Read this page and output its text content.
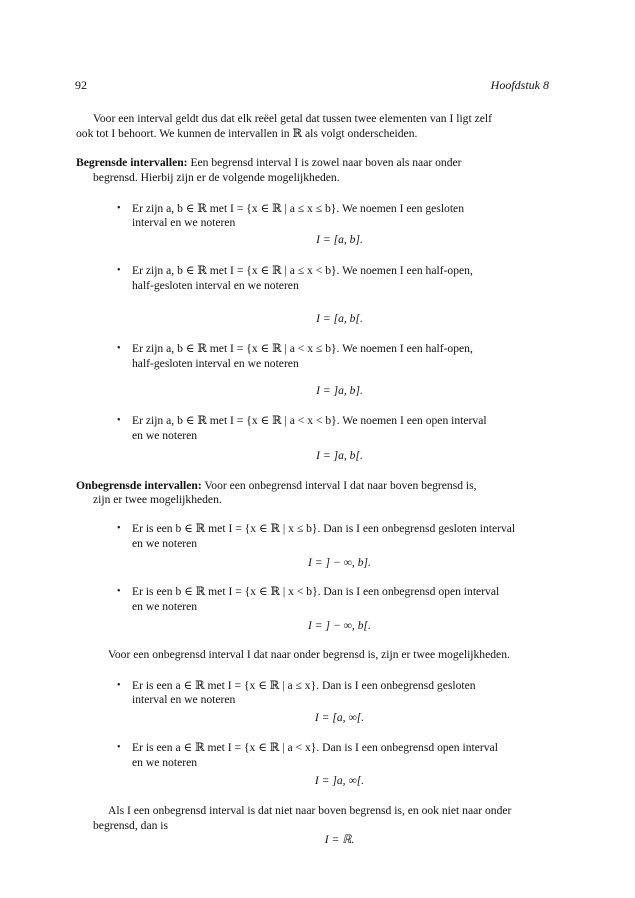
92	Hoofdstuk 8
Voor een interval geldt dus dat elk reëel getal dat tussen twee elementen van I ligt zelf
ook tot I behoort. We kunnen de intervallen in ℝ als volgt onderscheiden.
Begrensde intervallen: Een begrensd interval I is zowel naar boven als naar onder
begrensd. Hierbij zijn er de volgende mogelijkheden.
• Er zijn a, b ∈ ℝ met I = {x ∈ ℝ | a ≤ x ≤ b}. We noemen I een gesloten
interval en we noteren
I = [a, b].
• Er zijn a, b ∈ ℝ met I = {x ∈ ℝ | a ≤ x < b}. We noemen I een half-open,
half-gesloten interval en we noteren
I = [a, b[.
• Er zijn a, b ∈ ℝ met I = {x ∈ ℝ | a < x ≤ b}. We noemen I een half-open,
half-gesloten interval en we noteren
I = ]a, b].
• Er zijn a, b ∈ ℝ met I = {x ∈ ℝ | a < x < b}. We noemen I een open interval
en we noteren
I = ]a, b[.
Onbegrensde intervallen: Voor een onbegrensd interval I dat naar boven begrensd is,
zijn er twee mogelijkheden.
• Er is een b ∈ ℝ met I = {x ∈ ℝ | x ≤ b}. Dan is I een onbegrensd gesloten interval
en we noteren
I = ] − ∞, b].
• Er is een b ∈ ℝ met I = {x ∈ ℝ | x < b}. Dan is I een onbegrensd open interval
en we noteren
I = ] − ∞, b[.
Voor een onbegrensd interval I dat naar onder begrensd is, zijn er twee mogelijkheden.
• Er is een a ∈ ℝ met I = {x ∈ ℝ | a ≤ x}. Dan is I een onbegrensd gesloten
interval en we noteren
I = [a, ∞[.
• Er is een a ∈ ℝ met I = {x ∈ ℝ | a < x}. Dan is I een onbegrensd open interval
en we noteren
I = ]a, ∞[.
Als I een onbegrensd interval is dat niet naar boven begrensd is, en ook niet naar onder
begrensd, dan is
I = ℝ.
